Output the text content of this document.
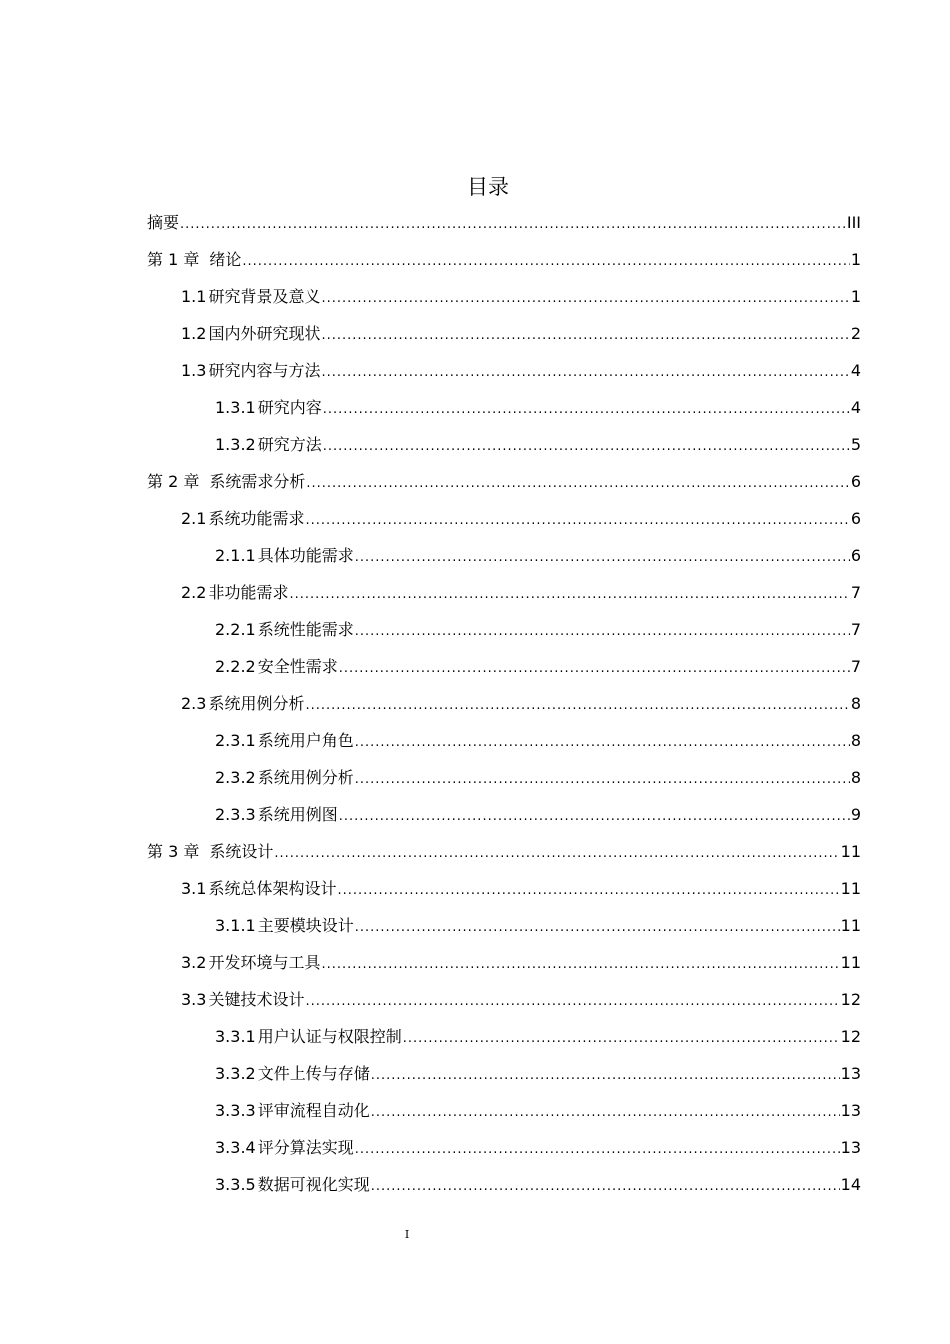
目录
摘要 .....	III
第 1 章 绪论 .....	1
1.1 研究背景及意义 .....	1
1.2 国内外研究现状 .....	2
1.3 研究内容与方法 .....	4
1.3.1 研究内容 .....	4
1.3.2 研究方法 .....	5
第 2 章 系统需求分析 .....	6
2.1 系统功能需求 .....	6
2.1.1 具体功能需求 .....	6
2.2 非功能需求 .....	7
2.2.1 系统性能需求 .....	7
2.2.2 安全性需求 .....	7
2.3 系统用例分析 .....	8
2.3.1 系统用户角色 .....	8
2.3.2 系统用例分析 .....	8
2.3.3 系统用例图 .....	9
第 3 章 系统设计 .....	11
3.1 系统总体架构设计 .....	11
3.1.1 主要模块设计 .....	11
3.2 开发环境与工具 .....	11
3.3 关键技术设计 .....	12
3.3.1 用户认证与权限控制 .....	12
3.3.2 文件上传与存储 .....	13
3.3.3 评审流程自动化 .....	13
3.3.4 评分算法实现 .....	13
3.3.5 数据可视化实现 .....	14
I
